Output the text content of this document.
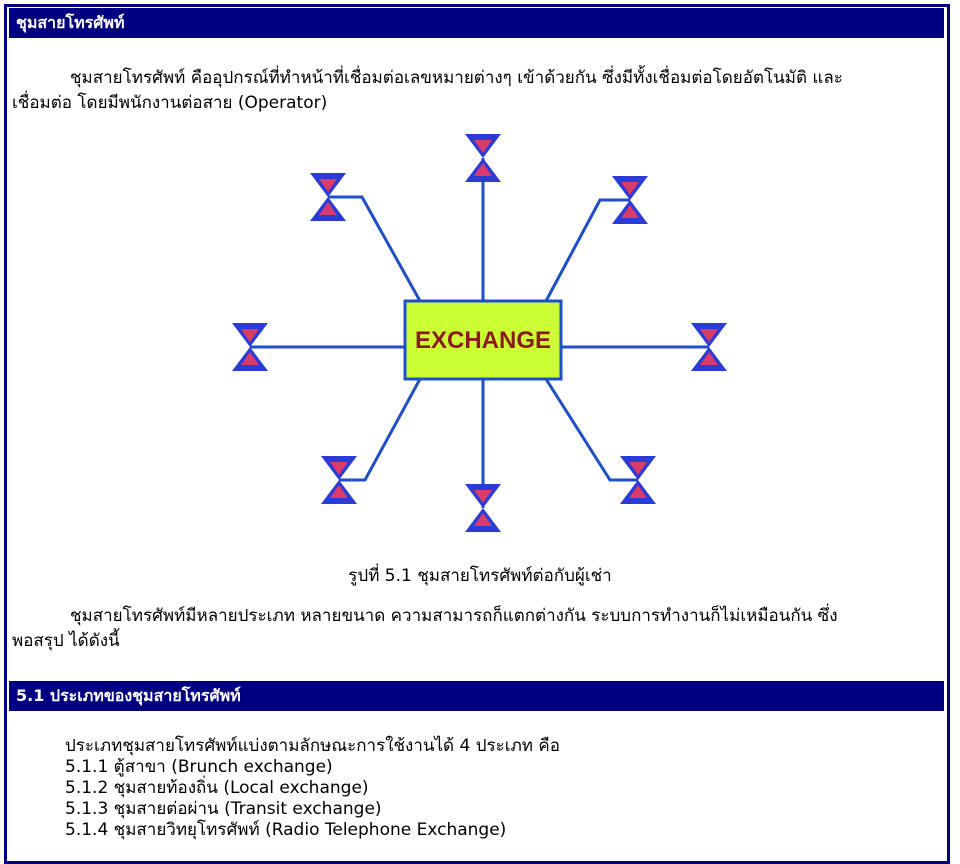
ชุมสายโทรศัพท์

ชุมสายโทรศัพท์ คืออุปกรณ์ที่ทำหน้าที่เชื่อมต่อเลขหมายต่างๆ เข้าด้วยกัน ซึ่งมีทั้งเชื่อมต่อโดยอัตโนมัติ และ
เชื่อมต่อ โดยมีพนักงานต่อสาย (Operator)

EXCHANGE
รูปที่ 5.1 ชุมสายโทรศัพท์ต่อกับผู้เช่า

ชุมสายโทรศัพท์มีหลายประเภท หลายขนาด ความสามารถก็แตกต่างกัน ระบบการทำงานก็ไม่เหมือนกัน ซึ่ง
พอสรุป ได้ดังนี้

5.1 ประเภทของชุมสายโทรศัพท์
ประเภทชุมสายโทรศัพท์แบ่งตามลักษณะการใช้งานได้ 4 ประเภท คือ
5.1.1 ตู้สาขา (Brunch exchange)
5.1.2 ชุมสายท้องถิ่น (Local exchange)
5.1.3 ชุมสายต่อผ่าน (Transit exchange)
5.1.4 ชุมสายวิทยุโทรศัพท์ (Radio Telephone Exchange)
